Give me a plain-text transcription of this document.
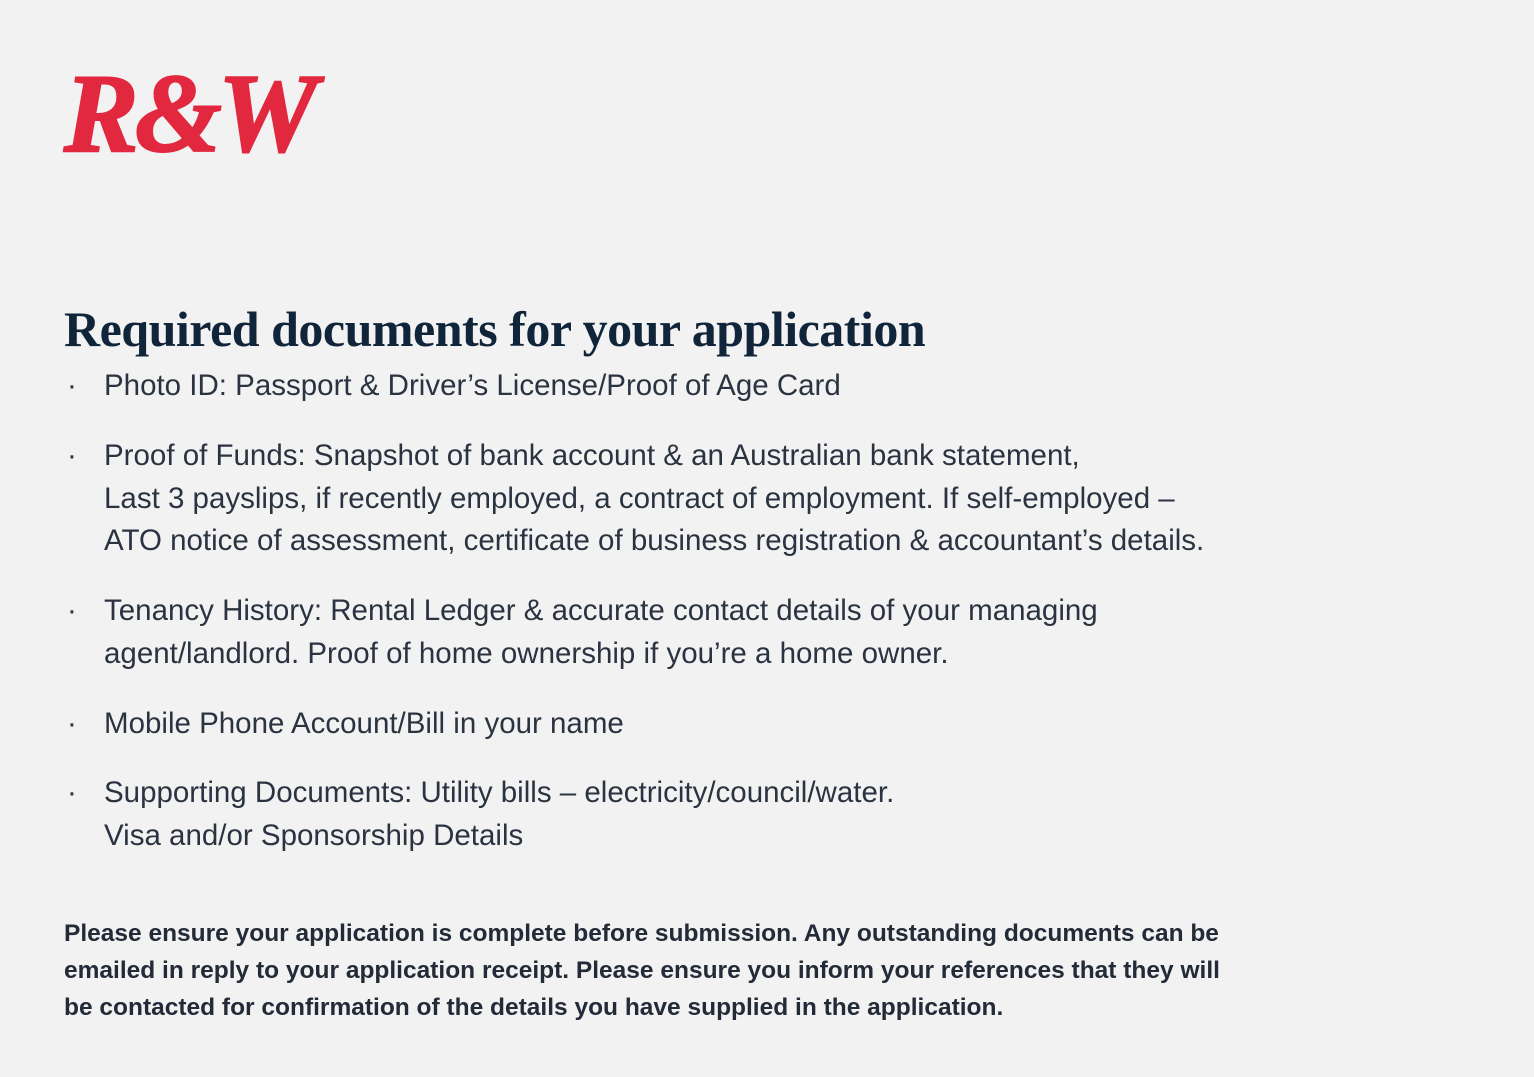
R&W
Required documents for your application
· Photo ID: Passport & Driver’s License/Proof of Age Card
· Proof of Funds: Snapshot of bank account & an Australian bank statement,
Last 3 payslips, if recently employed, a contract of employment. If self-employed –
ATO notice of assessment, certificate of business registration & accountant’s details.
· Tenancy History: Rental Ledger & accurate contact details of your managing
agent/landlord. Proof of home ownership if you’re a home owner.
· Mobile Phone Account/Bill in your name
· Supporting Documents: Utility bills – electricity/council/water.
Visa and/or Sponsorship Details
Please ensure your application is complete before submission. Any outstanding documents can be
emailed in reply to your application receipt. Please ensure you inform your references that they will
be contacted for confirmation of the details you have supplied in the application.
